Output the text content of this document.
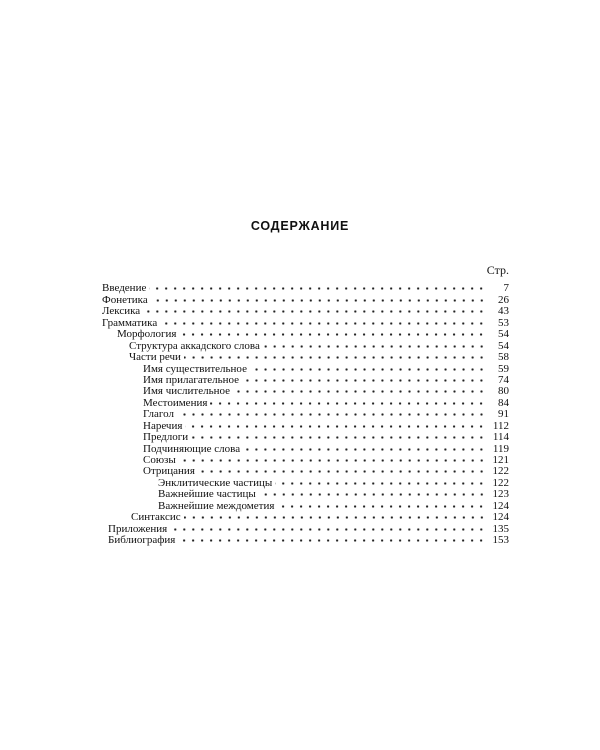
СОДЕРЖАНИЕ
Стр.
Введение	7
Фонетика	26
Лексика	43
Грамматика	53
Морфология	54
Структура аккадского слова	54
Части речи	58
Имя существительное	59
Имя прилагательное	74
Имя числительное	80
Местоимения	84
Глагол	91
Наречия	112
Предлоги	114
Подчиняющие слова	119
Союзы	121
Отрицания	122
Энклитические частицы	122
Важнейшие частицы	123
Важнейшие междометия	124
Синтаксис	124
Приложения	135
Библиография	153
